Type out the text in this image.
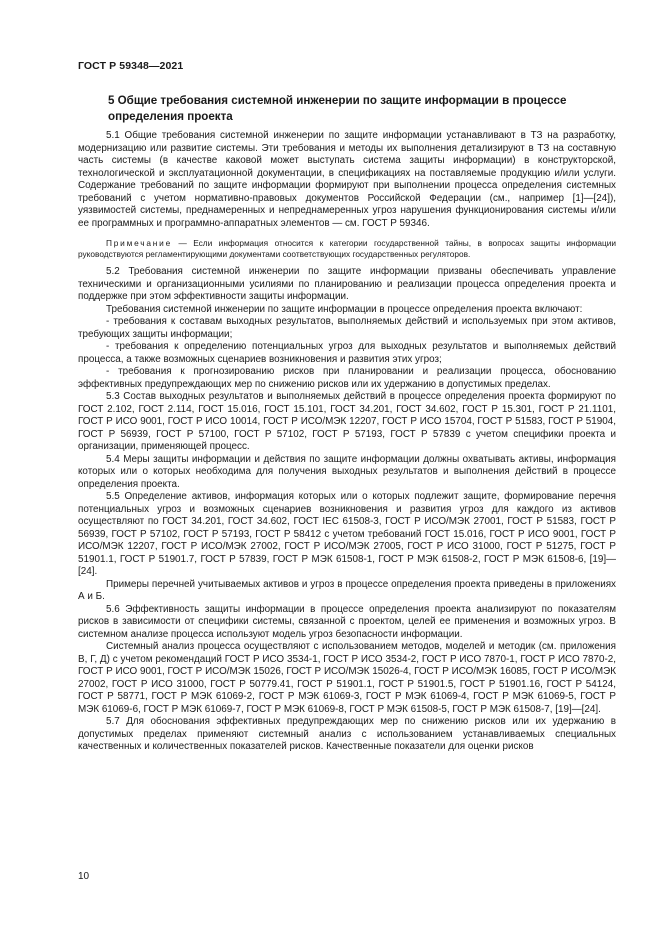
ГОСТ Р 59348—2021
5 Общие требования системной инженерии по защите информации в процессе определения проекта

5.1 Общие требования системной инженерии по защите информации устанавливают в ТЗ на разработку, модернизацию или развитие системы. Эти требования и методы их выполнения детализируют в ТЗ на составную часть системы (в качестве каковой может выступать система защиты информации) в конструкторской, технологической и эксплуатационной документации, в спецификациях на поставляемые продукцию и/или услуги. Содержание требований по защите информации формируют при выполнении процесса определения системных требований с учетом нормативно-правовых документов Российской Федерации (см., например [1]—[24]), уязвимостей системы, преднамеренных и непреднамеренных угроз нарушения функционирования системы и/или ее программных и программно-аппаратных элементов — см. ГОСТ Р 59346.

Примечание — Если информация относится к категории государственной тайны, в вопросах защиты информации руководствуются регламентирующими документами соответствующих государственных регуляторов.

5.2 Требования системной инженерии по защите информации призваны обеспечивать управление техническими и организационными усилиями по планированию и реализации процесса определения проекта и поддержке при этом эффективности защиты информации.

Требования системной инженерии по защите информации в процессе определения проекта включают:

- требования к составам выходных результатов, выполняемых действий и используемых при этом активов, требующих защиты информации;

- требования к определению потенциальных угроз для выходных результатов и выполняемых действий процесса, а также возможных сценариев возникновения и развития этих угроз;

- требования к прогнозированию рисков при планировании и реализации процесса, обоснованию эффективных предупреждающих мер по снижению рисков или их удержанию в допустимых пределах.

5.3 Состав выходных результатов и выполняемых действий в процессе определения проекта формируют по ГОСТ 2.102, ГОСТ 2.114, ГОСТ 15.016, ГОСТ 15.101, ГОСТ 34.201, ГОСТ 34.602, ГОСТ Р 15.301, ГОСТ Р 21.1101, ГОСТ Р ИСО 9001, ГОСТ Р ИСО 10014, ГОСТ Р ИСО/МЭК 12207, ГОСТ Р ИСО 15704, ГОСТ Р 51583, ГОСТ Р 51904, ГОСТ Р 56939, ГОСТ Р 57100, ГОСТ Р 57102, ГОСТ Р 57193, ГОСТ Р 57839 с учетом специфики проекта и организации, применяющей процесс.

5.4 Меры защиты информации и действия по защите информации должны охватывать активы, информация которых или о которых необходима для получения выходных результатов и выполнения действий в процессе определения проекта.

5.5 Определение активов, информация которых или о которых подлежит защите, формирование перечня потенциальных угроз и возможных сценариев возникновения и развития угроз для каждого из активов осуществляют по ГОСТ 34.201, ГОСТ 34.602, ГОСТ IEC 61508-3, ГОСТ Р ИСО/МЭК 27001, ГОСТ Р 51583, ГОСТ Р 56939, ГОСТ Р 57102, ГОСТ Р 57193, ГОСТ Р 58412 с учетом требований ГОСТ 15.016, ГОСТ Р ИСО 9001, ГОСТ Р ИСО/МЭК 12207, ГОСТ Р ИСО/МЭК 27002, ГОСТ Р ИСО/МЭК 27005, ГОСТ Р ИСО 31000, ГОСТ Р 51275, ГОСТ Р 51901.1, ГОСТ Р 51901.7, ГОСТ Р 57839, ГОСТ Р МЭК 61508-1, ГОСТ Р МЭК 61508-2, ГОСТ Р МЭК 61508-6, [19]—[24].

Примеры перечней учитываемых активов и угроз в процессе определения проекта приведены в приложениях А и Б.

5.6 Эффективность защиты информации в процессе определения проекта анализируют по показателям рисков в зависимости от специфики системы, связанной с проектом, целей ее применения и возможных угроз. В системном анализе процесса используют модель угроз безопасности информации.

Системный анализ процесса осуществляют с использованием методов, моделей и методик (см. приложения В, Г, Д) с учетом рекомендаций ГОСТ Р ИСО 3534-1, ГОСТ Р ИСО 3534-2, ГОСТ Р ИСО 7870-1, ГОСТ Р ИСО 7870-2, ГОСТ Р ИСО 9001, ГОСТ Р ИСО/МЭК 15026, ГОСТ Р ИСО/МЭК 15026-4, ГОСТ Р ИСО/МЭК 16085, ГОСТ Р ИСО/МЭК 27002, ГОСТ Р ИСО 31000, ГОСТ Р 50779.41, ГОСТ Р 51901.1, ГОСТ Р 51901.5, ГОСТ Р 51901.16, ГОСТ Р 54124, ГОСТ Р 58771, ГОСТ Р МЭК 61069-2, ГОСТ Р МЭК 61069-3, ГОСТ Р МЭК 61069-4, ГОСТ Р МЭК 61069-5, ГОСТ Р МЭК 61069-6, ГОСТ Р МЭК 61069-7, ГОСТ Р МЭК 61069-8, ГОСТ Р МЭК 61508-5, ГОСТ Р МЭК 61508-7, [19]—[24].

5.7 Для обоснования эффективных предупреждающих мер по снижению рисков или их удержанию в допустимых пределах применяют системный анализ с использованием устанавливаемых специальных качественных и количественных показателей рисков. Качественные показатели для оценки рисков

10
